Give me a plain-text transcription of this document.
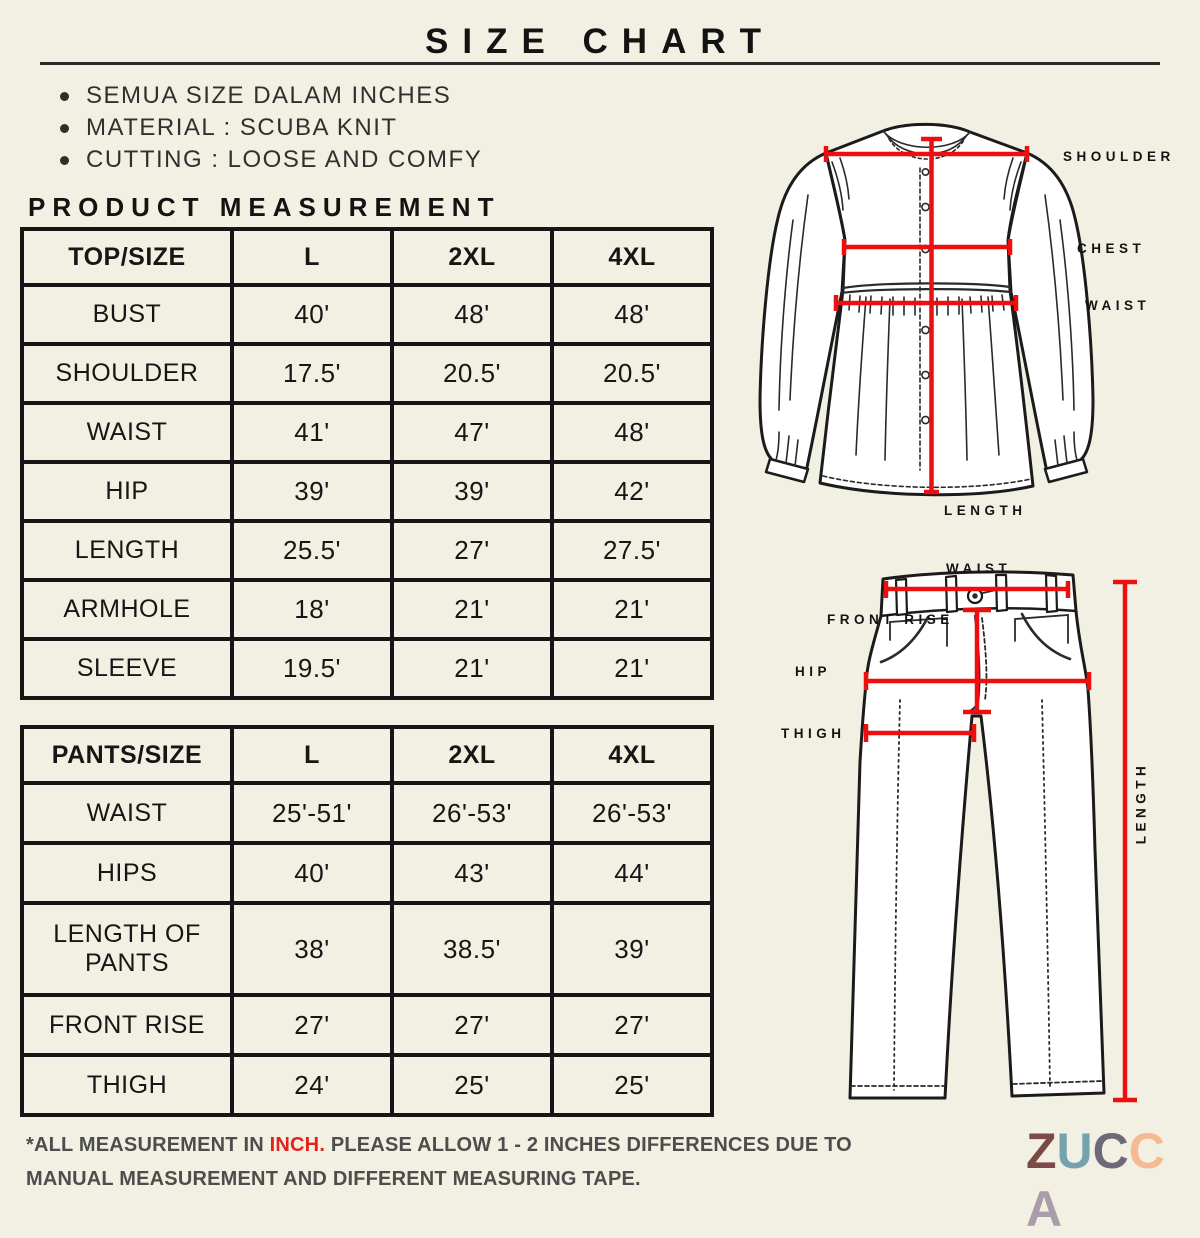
SIZE CHART
SEMUA SIZE DALAM INCHES
MATERIAL : SCUBA KNIT
CUTTING : LOOSE AND COMFY
PRODUCT MEASUREMENT
TOP/SIZE	L	2XL	4XL
BUST	40'	48'	48'
SHOULDER	17.5'	20.5'	20.5'
WAIST	41'	47'	48'
HIP	39'	39'	42'
LENGTH	25.5'	27'	27.5'
ARMHOLE	18'	21'	21'
SLEEVE	19.5'	21'	21'
PANTS/SIZE	L	2XL	4XL
WAIST	25'-51'	26'-53'	26'-53'
HIPS	40'	43'	44'
LENGTH OF PANTS	38'	38.5'	39'
FRONT RISE	27'	27'	27'
THIGH	24'	25'	25'
SHOULDER
CHEST
WAIST
LENGTH
WAIST
FRONT RISE
HIP
THIGH
LENGTH
*ALL MEASUREMENT IN INCH. PLEASE ALLOW 1 - 2 INCHES DIFFERENCES DUE TO MANUAL MEASUREMENT AND DIFFERENT MEASURING TAPE.	ZUCCA
